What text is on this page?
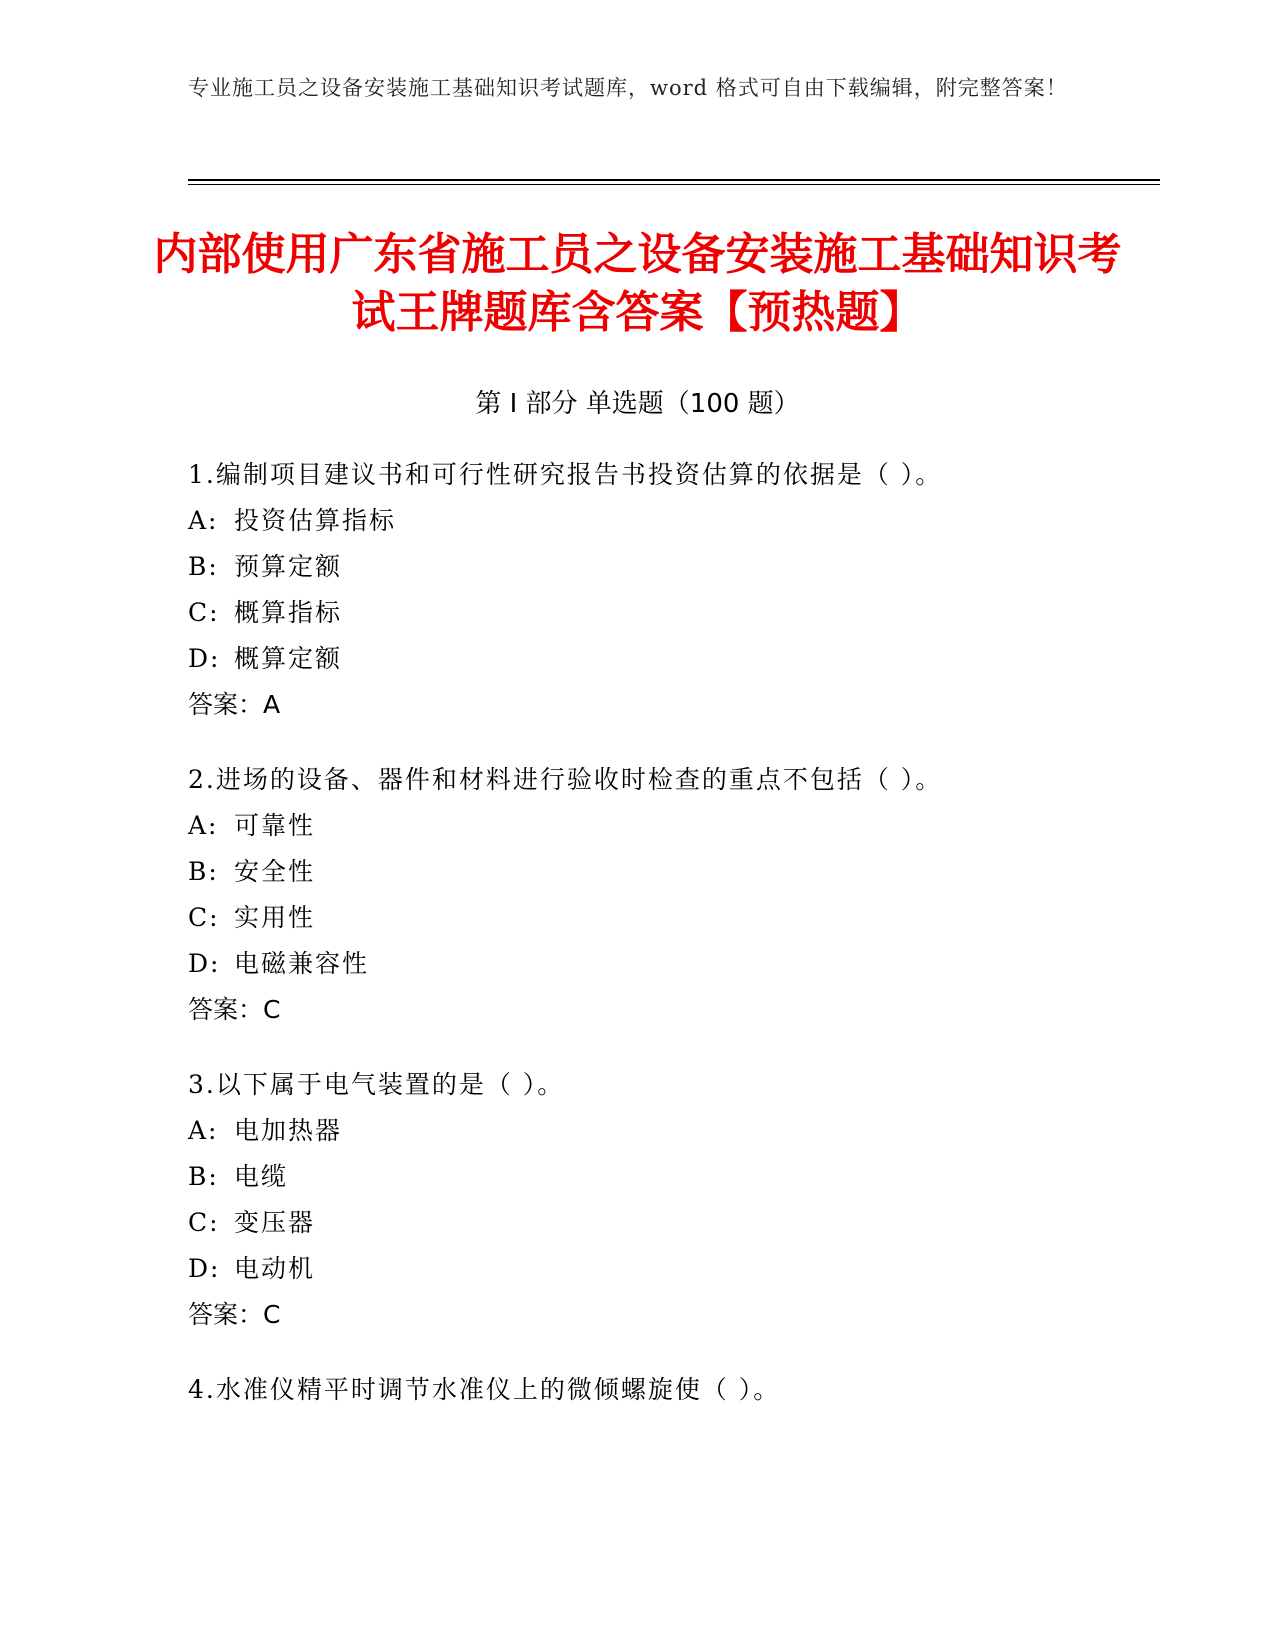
专业施工员之设备安装施工基础知识考试题库，word 格式可自由下载编辑，附完整答案！
内部使用广东省施工员之设备安装施工基础知识考试王牌题库含答案【预热题】
第 I 部分 单选题（100 题）
1.编制项目建议书和可行性研究报告书投资估算的依据是（ ）。
A: 投资估算指标
B: 预算定额
C: 概算指标
D: 概算定额
答案：A
2.进场的设备、器件和材料进行验收时检查的重点不包括（ ）。
A: 可靠性
B: 安全性
C: 实用性
D: 电磁兼容性
答案：C
3.以下属于电气装置的是（ ）。
A: 电加热器
B: 电缆
C: 变压器
D: 电动机
答案：C
4.水准仪精平时调节水准仪上的微倾螺旋使（ ）。
